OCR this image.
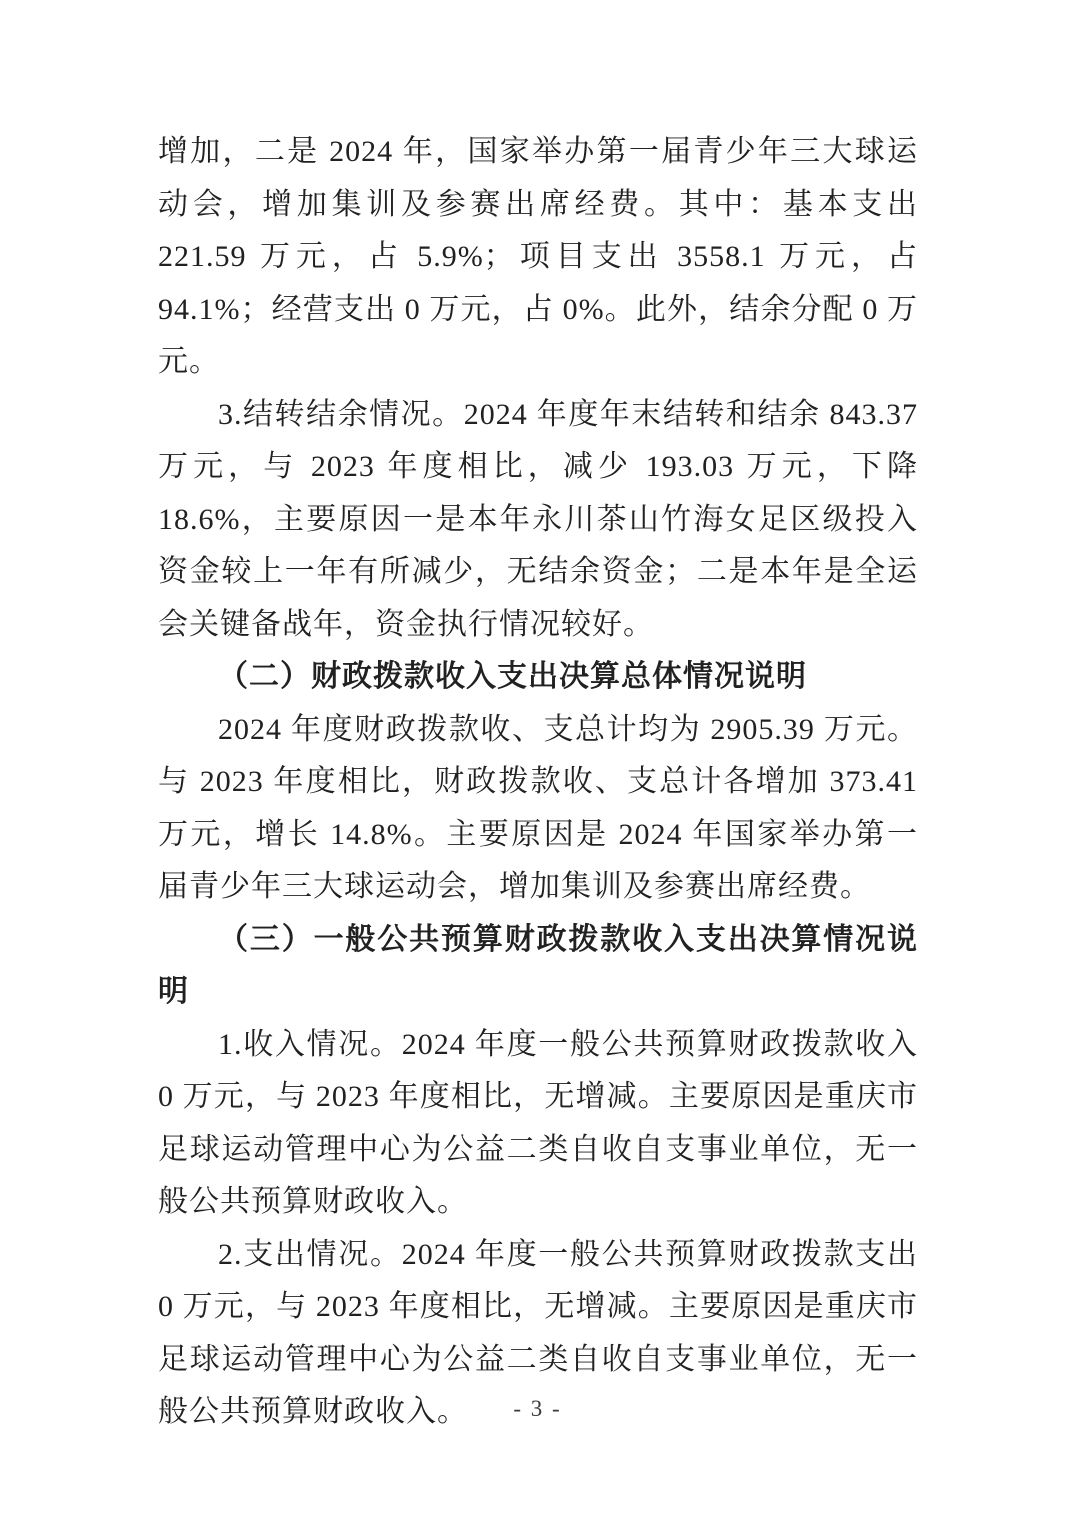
增加，二是 2024 年，国家举办第一届青少年三大球运动会，增加集训及参赛出席经费。其中：基本支出 221.59 万元，占 5.9%；项目支出 3558.1 万元，占 94.1%；经营支出 0 万元，占 0%。此外，结余分配 0 万元。

3.结转结余情况。2024 年度年末结转和结余 843.37 万元，与 2023 年度相比，减少 193.03 万元，下降 18.6%，主要原因一是本年永川茶山竹海女足区级投入资金较上一年有所减少，无结余资金；二是本年是全运会关键备战年，资金执行情况较好。

（二）财政拨款收入支出决算总体情况说明

2024 年度财政拨款收、支总计均为 2905.39 万元。与 2023 年度相比，财政拨款收、支总计各增加 373.41 万元，增长 14.8%。主要原因是 2024 年国家举办第一届青少年三大球运动会，增加集训及参赛出席经费。

（三）一般公共预算财政拨款收入支出决算情况说明

1.收入情况。2024 年度一般公共预算财政拨款收入 0 万元，与 2023 年度相比，无增减。主要原因是重庆市足球运动管理中心为公益二类自收自支事业单位，无一般公共预算财政收入。

2.支出情况。2024 年度一般公共预算财政拨款支出 0 万元，与 2023 年度相比，无增减。主要原因是重庆市足球运动管理中心为公益二类自收自支事业单位，无一般公共预算财政收入。	- 3 -
